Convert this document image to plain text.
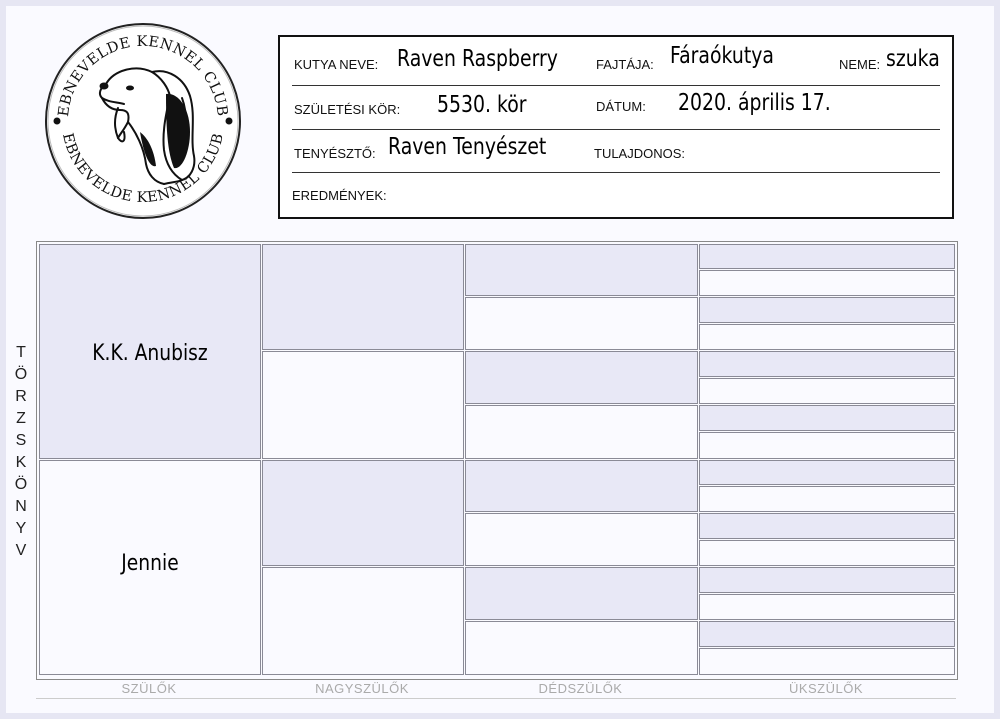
EBNEVELDE KENNEL CLUB
EBNEVELDE KENNEL CLUB
KUTYA NEVE: Raven Raspberry	FAJTÁJA: Fáraókutya	NEME: szuka
SZÜLETÉSI KÖR: 5530. kör	DÁTUM: 2020. április 17.
TENYÉSZTŐ: Raven Tenyészet	TULAJDONOS:
EREDMÉNYEK:
T
Ö
R
Z
S
K
Ö
N
Y
V
K.K. Anubisz
Jennie
SZÜLŐK	NAGYSZÜLŐK	DÉDSZÜLŐK	ÜKSZÜLŐK
